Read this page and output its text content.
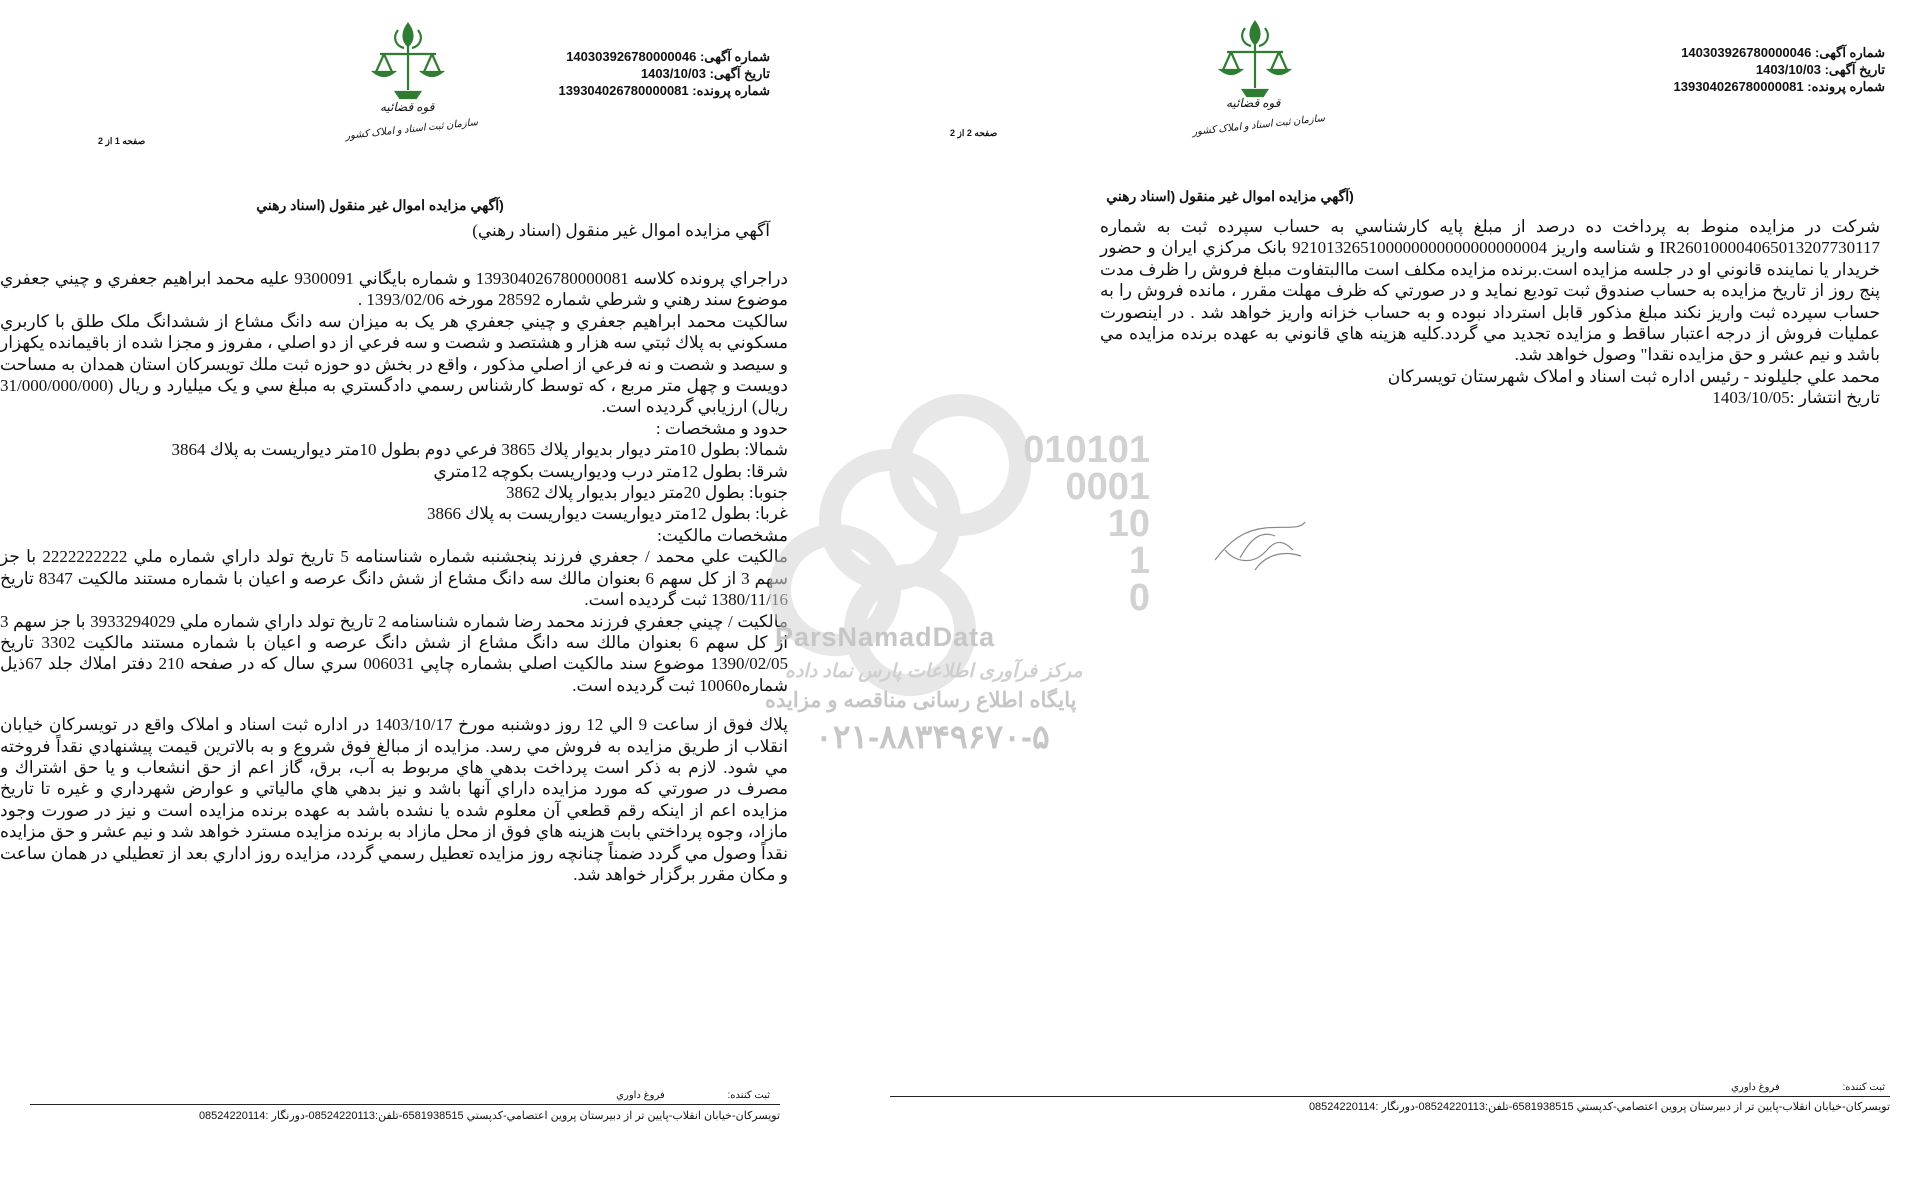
شماره آگهی: 140303926780000046
تاریخ آگهی: 1403/10/03
شماره پرونده: 139304026780000081
قوه قضائیه
سازمان ثبت اسناد و املاک کشور
صفحه 1 از 2
(آگهي مزايده اموال غير منقول (اسناد رهني
آگهي مزايده اموال غير منقول (اسناد رهني)

دراجراي پرونده كلاسه 139304026780000081 و شماره بايگاني 9300091 عليه محمد ابراهيم جعفري و چيني جعفري موضوع سند رهني و شرطي شماره 28592 مورخه 1393/02/06 .

سالكيت محمد ابراهيم جعفري و چيني جعفري هر يک به ميزان سه دانگ مشاع از ششدانگ ملک طلق با كاربري مسكوني به پلاك ثبتي سه هزار و هشتصد و شصت و سه فرعي از دو اصلي ، مفروز و مجزا شده از باقيمانده يكهزار و سيصد و شصت و نه فرعي از اصلي مذكور ، واقع در بخش دو حوزه ثبت ملك تويسركان استان همدان به مساحت دويست و چهل متر مربع ، كه توسط كارشناس رسمي دادگستري به مبلغ سي و يک ميليارد و ريال (31/000/000/000 ريال) ارزيابي گرديده است.

حدود و مشخصات :

شمالا: بطول 10متر ديوار بديوار پلاك 3865 فرعي دوم بطول 10متر ديواريست به پلاك 3864

شرقا: بطول 12متر درب وديواريست بكوچه 12متري

جنوبا: بطول 20متر ديوار بديوار پلاك 3862

غربا: بطول 12متر ديواريست ديواريست به پلاك 3866

مشخصات مالكيت:

مالكيت علي محمد / جعفري فرزند پنجشنبه شماره شناسنامه 5 تاريخ تولد داراي شماره ملي 2222222222 با جز سهم 3 از كل سهم 6 بعنوان مالك سه دانگ مشاع از شش دانگ عرصه و اعيان با شماره مستند مالكيت 8347 تاريخ 1380/11/16 ثبت گرديده است.

مالكيت / چيني جعفري فرزند محمد رضا شماره شناسنامه 2 تاريخ تولد داراي شماره ملي 3933294029 با جز سهم 3 از كل سهم 6 بعنوان مالك سه دانگ مشاع از شش دانگ عرصه و اعيان با شماره مستند مالكيت 3302 تاريخ 1390/02/05 موضوع سند مالكيت اصلي بشماره چاپي 006031 سري سال كه در صفحه 210 دفتر املاك جلد 67ذيل شماره10060 ثبت گرديده است.

پلاك فوق از ساعت 9 الي 12 روز دوشنبه مورخ 1403/10/17 در اداره ثبت اسناد و املاک واقع در تويسركان خيابان انقلاب از طريق مزايده به فروش مي رسد. مزايده از مبالغ فوق شروع و به بالاترين قيمت پيشنهادي نقداً فروخته مي شود. لازم به ذكر است پرداخت بدهي هاي مربوط به آب، برق، گاز اعم از حق انشعاب و يا حق اشتراك و مصرف در صورتي كه مورد مزايده داراي آنها باشد و نيز بدهي هاي مالياتي و عوارض شهرداري و غيره تا تاريخ مزايده اعم از اينكه رقم قطعي آن معلوم شده يا نشده باشد به عهده برنده مزايده است و نيز در صورت وجود مازاد، وجوه پرداختي بابت هزينه هاي فوق از محل مازاد به برنده مزايده مسترد خواهد شد و نيم عشر و حق مزايده نقداً وصول مي گردد ضمناً چنانچه روز مزايده تعطيل رسمي گردد، مزايده روز اداري بعد از تعطيلي در همان ساعت و مكان مقرر برگزار خواهد شد.

ثبت كننده: فروغ داوري
تويسركان-خيابان انقلاب-پايين تر از دبيرستان پروين اعتصامي-كدپستي 6581938515-تلفن:08524220113-دورنگار :08524220114
شماره آگهی: 140303926780000046
تاریخ آگهی: 1403/10/03
شماره پرونده: 139304026780000081
قوه قضائیه
سازمان ثبت اسناد و املاک کشور
صفحه 2 از 2
(آگهي مزايده اموال غير منقول (اسناد رهني

شركت در مزايده منوط به پرداخت ده درصد از مبلغ پايه كارشناسي به حساب سپرده ثبت به شماره IR260100004065013207730117 و شناسه واريز 921013265100000000000000000004 بانک مركزي ايران و حضور خريدار يا نماينده قانوني او در جلسه مزايده است.برنده مزايده مكلف است ماالبتفاوت مبلغ فروش را ظرف مدت پنج روز از تاريخ مزايده به حساب صندوق ثبت توديع نمايد و در صورتي كه ظرف مهلت مقرر ، مانده فروش را به حساب سپرده ثبت واريز نكند مبلغ مذكور قابل استرداد نبوده و به حساب خزانه واريز خواهد شد . در اينصورت عمليات فروش از درجه اعتبار ساقط و مزايده تجديد مي گردد.كليه هزينه هاي قانوني به عهده برنده مزايده مي باشد و نيم عشر و حق مزايده نقدا" وصول خواهد شد.

محمد علي جليلوند - رئيس اداره ثبت اسناد و املاک شهرستان تويسركان

تاريخ انتشار :1403/10/05

ثبت كننده: فروغ داوري
تويسركان-خيابان انقلاب-پايين تر از دبيرستان پروين اعتصامي-كدپستي 6581938515-تلفن:08524220113-دورنگار :08524220114
010101
0001
10
1
0
ParsNamadData
مرکز فرآوری اطلاعات پارس نماد داده
پایگاه اطلاع رسانی مناقصه و مزایده
۰۲۱-۸۸۳۴۹۶۷۰-۵
